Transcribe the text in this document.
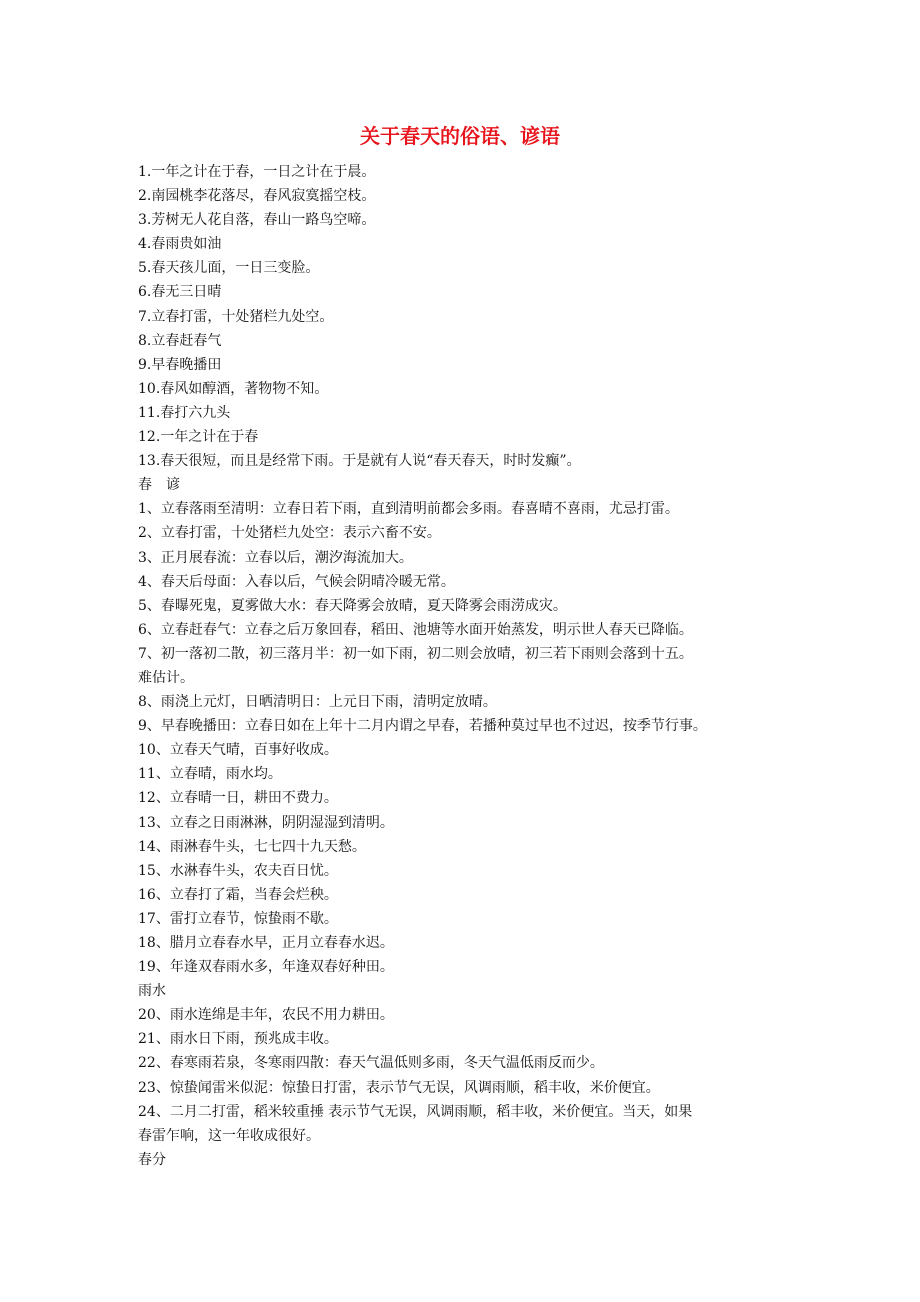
关于春天的俗语、谚语
1.一年之计在于春，一日之计在于晨。
2.南园桃李花落尽，春风寂寞摇空枝。
3.芳树无人花自落，春山一路鸟空啼。
4.春雨贵如油
5.春天孩儿面，一日三变脸。
6.春无三日晴
7.立春打雷，十处猪栏九处空。
8.立春赶春气
9.早春晚播田
10.春风如醇酒，著物物不知。
11.春打六九头
12.一年之计在于春
13.春天很短，而且是经常下雨。于是就有人说“春天春天，时时发癫”。
春　谚
1、立春落雨至清明：立春日若下雨，直到清明前都会多雨。春喜晴不喜雨，尤忌打雷。
2、立春打雷，十处猪栏九处空：表示六畜不安。
3、正月展春流：立春以后，潮汐海流加大。
4、春天后母面：入春以后，气候会阴晴冷暖无常。
5、春曝死鬼，夏雾做大水：春天降雾会放晴，夏天降雾会雨涝成灾。
6、立春赶春气：立春之后万象回春，稻田、池塘等水面开始蒸发，明示世人春天已降临。
7、初一落初二散，初三落月半：初一如下雨，初二则会放晴，初三若下雨则会落到十五。
难估计。
8、雨浇上元灯，日晒清明日：上元日下雨，清明定放晴。
9、早春晚播田：立春日如在上年十二月内谓之早春，若播种莫过早也不过迟，按季节行事。
10、立春天气晴，百事好收成。
11、立春晴，雨水均。
12、立春晴一日，耕田不费力。
13、立春之日雨淋淋，阴阴湿湿到清明。
14、雨淋春牛头，七七四十九天愁。
15、水淋春牛头，农夫百日忧。
16、立春打了霜，当春会烂秧。
17、雷打立春节，惊蛰雨不歇。
18、腊月立春春水早，正月立春春水迟。
19、年逢双春雨水多，年逢双春好种田。
雨水
20、雨水连绵是丰年，农民不用力耕田。
21、雨水日下雨，预兆成丰收。
22、春寒雨若泉，冬寒雨四散：春天气温低则多雨，冬天气温低雨反而少。
23、惊蛰闻雷米似泥：惊蛰日打雷，表示节气无误，风调雨顺，稻丰收，米价便宜。
24、二月二打雷，稻米较重捶 表示节气无误，风调雨顺，稻丰收，米价便宜。当天，如果
春雷乍响，这一年收成很好。
春分
